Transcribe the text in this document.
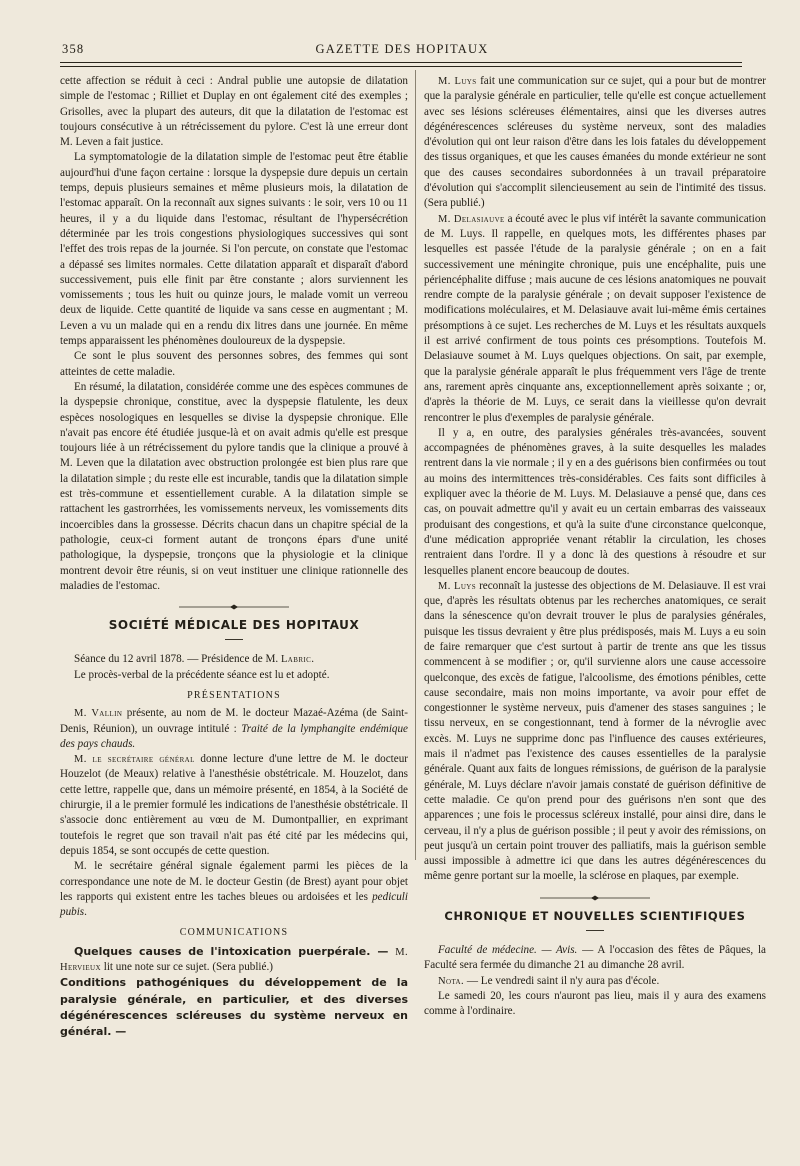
358	GAZETTE DES HOPITAUX

cette affection se réduit à ceci : Andral publie une autopsie de dilatation simple de l'estomac ; Rilliet et Duplay en ont également cité des exemples ; Grisolles, avec la plupart des auteurs, dit que la dilatation de l'estomac est toujours consécutive à un rétrécissement du pylore. C'est là une erreur dont M. Leven a fait justice.

La symptomatologie de la dilatation simple de l'estomac peut être établie aujourd'hui d'une façon certaine : lorsque la dyspepsie dure depuis un certain temps, depuis plusieurs semaines et même plusieurs mois, la dilatation de l'estomac apparaît. On la reconnaît aux signes suivants : le soir, vers 10 ou 11 heures, il y a du liquide dans l'estomac, résultant de l'hypersécrétion déterminée par les trois congestions physiologiques successives qui sont l'effet des trois repas de la journée. Si l'on percute, on constate que l'estomac a dépassé ses limites normales. Cette dilatation apparaît et disparaît d'abord successivement, puis elle finit par être constante ; alors surviennent les vomissements ; tous les huit ou quinze jours, le malade vomit un verreou deux de liquide. Cette quantité de liquide va sans cesse en augmentant ; M. Leven a vu un malade qui en a rendu dix litres dans une journée. En même temps apparaissent les phénomènes douloureux de la dyspepsie.

Ce sont le plus souvent des personnes sobres, des femmes qui sont atteintes de cette maladie.

En résumé, la dilatation, considérée comme une des espèces communes de la dyspepsie chronique, constitue, avec la dyspepsie flatulente, les deux espèces nosologiques en lesquelles se divise la dyspepsie chronique. Elle n'avait pas encore été étudiée jusque-là et on avait admis qu'elle est presque toujours liée à un rétrécissement du pylore tandis que la clinique a prouvé à M. Leven que la dilatation avec obstruction prolongée est bien plus rare que la dilatation simple ; du reste elle est incurable, tandis que la dilatation simple est très-commune et essentiellement curable. A la dilatation simple se rattachent les gastrorrhées, les vomissements nerveux, les vomissements dits incoercibles dans la grossesse. Décrits chacun dans un chapitre spécial de la pathologie, ceux-ci forment autant de tronçons épars d'une unité pathologique, la dyspepsie, tronçons que la physiologie et la clinique montrent devoir être réunis, si on veut instituer une clinique rationnelle des maladies de l'estomac.

SOCIÉTÉ MÉDICALE DES HOPITAUX

Séance du 12 avril 1878. — Présidence de M. Labric.

Le procès-verbal de la précédente séance est lu et adopté.

PRÉSENTATIONS

M. Vallin présente, au nom de M. le docteur Mazaé-Azéma (de Saint-Denis, Réunion), un ouvrage intitulé : Traité de la lymphangite endémique des pays chauds.

M. le secrétaire général donne lecture d'une lettre de M. le docteur Houzelot (de Meaux) relative à l'anesthésie obstétricale. M. Houzelot, dans cette lettre, rappelle que, dans un mémoire présenté, en 1854, à la Société de chirurgie, il a le premier formulé les indications de l'anesthésie obstétricale. Il s'associe donc entièrement au vœu de M. Dumontpallier, en exprimant toutefois le regret que son travail n'ait pas été cité par les médecins qui, depuis 1854, se sont occupés de cette question.

M. le secrétaire général signale également parmi les pièces de la correspondance une note de M. le docteur Gestin (de Brest) ayant pour objet les rapports qui existent entre les taches bleues ou ardoisées et les pediculi pubis.

COMMUNICATIONS

Quelques causes de l'intoxication puerpérale. — M. Hervieux lit une note sur ce sujet. (Sera publié.)

Conditions pathogéniques du développement de la paralysie générale, en particulier, et des diverses dégénérescences scléreuses du système nerveux en général. —

M. Luys fait une communication sur ce sujet, qui a pour but de montrer que la paralysie générale en particulier, telle qu'elle est conçue actuellement avec ses lésions scléreuses élémentaires, ainsi que les diverses autres dégénérescences scléreuses du système nerveux, sont des maladies d'évolution qui ont leur raison d'être dans les lois fatales du développement des tissus organiques, et que les causes émanées du monde extérieur ne sont que des causes secondaires subordonnées à un travail préparatoire d'évolution qui s'accomplit silencieusement au sein de l'intimité des tissus. (Sera publié.)

M. Delasiauve a écouté avec le plus vif intérêt la savante communication de M. Luys. Il rappelle, en quelques mots, les différentes phases par lesquelles est passée l'étude de la paralysie générale ; on en a fait successivement une méningite chronique, puis une encéphalite, puis une périencéphalite diffuse ; mais aucune de ces lésions anatomiques ne pouvait rendre compte de la paralysie générale ; on devait supposer l'existence de modifications moléculaires, et M. Delasiauve avait lui-même émis certaines présomptions à ce sujet. Les recherches de M. Luys et les résultats auxquels il est arrivé confirment de tous points ces présomptions. Toutefois M. Delasiauve soumet à M. Luys quelques objections. On sait, par exemple, que la paralysie générale apparaît le plus fréquemment vers l'âge de trente ans, rarement après cinquante ans, exceptionnellement après soixante ; or, d'après la théorie de M. Luys, ce serait dans la vieillesse qu'on devrait rencontrer le plus d'exemples de paralysie générale.

Il y a, en outre, des paralysies générales très-avancées, souvent accompagnées de phénomènes graves, à la suite desquelles les malades rentrent dans la vie normale ; il y en a des guérisons bien confirmées ou tout au moins des intermittences très-considérables. Ces faits sont difficiles à expliquer avec la théorie de M. Luys. M. Delasiauve a pensé que, dans ces cas, on pouvait admettre qu'il y avait eu un certain embarras des vaisseaux produisant des congestions, et qu'à la suite d'une circonstance quelconque, d'une médication appropriée venant rétablir la circulation, les choses rentraient dans l'ordre. Il y a donc là des questions à résoudre et sur lesquelles planent encore beaucoup de doutes.

M. Luys reconnaît la justesse des objections de M. Delasiauve. Il est vrai que, d'après les résultats obtenus par les recherches anatomiques, ce serait dans la sénescence qu'on devrait trouver le plus de paralysies générales, puisque les tissus devraient y être plus prédisposés, mais M. Luys a eu soin de faire remarquer que c'est surtout à partir de trente ans que les tissus commencent à se modifier ; or, qu'il survienne alors une cause accessoire quelconque, des excès de fatigue, l'alcoolisme, des émotions pénibles, cette cause secondaire, mais non moins importante, va avoir pour effet de congestionner le système nerveux, puis d'amener des stases sanguines ; le tissu nerveux, en se congestionnant, tend à former de la névroglie avec excès. M. Luys ne supprime donc pas l'influence des causes extérieures, mais il n'admet pas l'existence des causes essentielles de la paralysie générale. Quant aux faits de longues rémissions, de guérison de la paralysie générale, M. Luys déclare n'avoir jamais constaté de guérison définitive de cette maladie. Ce qu'on prend pour des guérisons n'en sont que des apparences ; une fois le processus scléreux installé, pour ainsi dire, dans le cerveau, il n'y a plus de guérison possible ; il peut y avoir des rémissions, on peut jusqu'à un certain point trouver des palliatifs, mais la guérison semble aussi impossible à admettre ici que dans les autres dégénérescences du même genre portant sur la moelle, la sclérose en plaques, par exemple.

CHRONIQUE ET NOUVELLES SCIENTIFIQUES

Faculté de médecine. — Avis. — A l'occasion des fêtes de Pâques, la Faculté sera fermée du dimanche 21 au dimanche 28 avril.

Nota. — Le vendredi saint il n'y aura pas d'école.

Le samedi 20, les cours n'auront pas lieu, mais il y aura des examens comme à l'ordinaire.
